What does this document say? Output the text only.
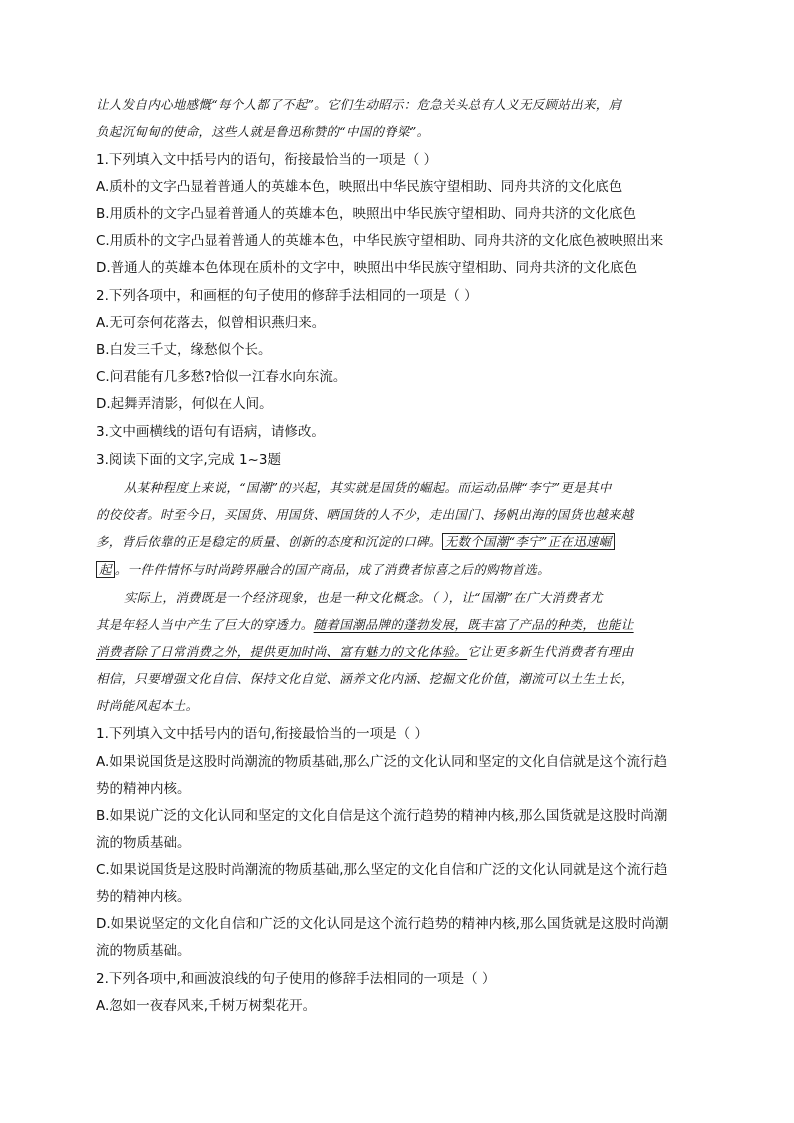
让人发自内心地感慨“每个人都了不起”。它们生动昭示：危急关头总有人义无反顾站出来，肩
负起沉甸甸的使命，这些人就是鲁迅称赞的“中国的脊梁”。
1.下列填入文中括号内的语句，衔接最恰当的一项是（ ）
A.质朴的文字凸显着普通人的英雄本色，映照出中华民族守望相助、同舟共济的文化底色
B.用质朴的文字凸显着普通人的英雄本色，映照出中华民族守望相助、同舟共济的文化底色
C.用质朴的文字凸显着普通人的英雄本色，中华民族守望相助、同舟共济的文化底色被映照出来
D.普通人的英雄本色体现在质朴的文字中，映照出中华民族守望相助、同舟共济的文化底色
2.下列各项中，和画框的句子使用的修辞手法相同的一项是（ ）
A.无可奈何花落去，似曾相识燕归来。
B.白发三千丈，缘愁似个长。
C.问君能有几多愁?恰似一江春水向东流。
D.起舞弄清影，何似在人间。
3.文中画横线的语句有语病，请修改。
3.阅读下面的文字,完成 1~3题
从某种程度上来说，“国潮”的兴起，其实就是国货的崛起。而运动品牌“李宁”更是其中
的佼佼者。时至今日，买国货、用国货、晒国货的人不少，走出国门、扬帆出海的国货也越来越
多，背后依靠的正是稳定的质量、创新的态度和沉淀的口碑。 无数个国潮“李宁”正在迅速崛
起 。一件件情怀与时尚跨界融合的国产商品，成了消费者惊喜之后的购物首选。
实际上，消费既是一个经济现象，也是一种文化概念。（ ），让“国潮”在广大消费者尤
其是年轻人当中产生了巨大的穿透力。随着国潮品牌的蓬勃发展，既丰富了产品的种类，也能让
消费者除了日常消费之外，提供更加时尚、富有魅力的文化体验。它让更多新生代消费者有理由
相信，只要增强文化自信、保持文化自觉、涵养文化内涵、挖掘文化价值，潮流可以土生土长，
时尚能风起本土。
1.下列填入文中括号内的语句,衔接最恰当的一项是（ ）
A.如果说国货是这股时尚潮流的物质基础,那么广泛的文化认同和坚定的文化自信就是这个流行趋
势的精神内核。
B.如果说广泛的文化认同和坚定的文化自信是这个流行趋势的精神内核,那么国货就是这股时尚潮
流的物质基础。
C.如果说国货是这股时尚潮流的物质基础,那么坚定的文化自信和广泛的文化认同就是这个流行趋
势的精神内核。
D.如果说坚定的文化自信和广泛的文化认同是这个流行趋势的精神内核,那么国货就是这股时尚潮
流的物质基础。
2.下列各项中,和画波浪线的句子使用的修辞手法相同的一项是（ ）
A.忽如一夜春风来,千树万树梨花开。
